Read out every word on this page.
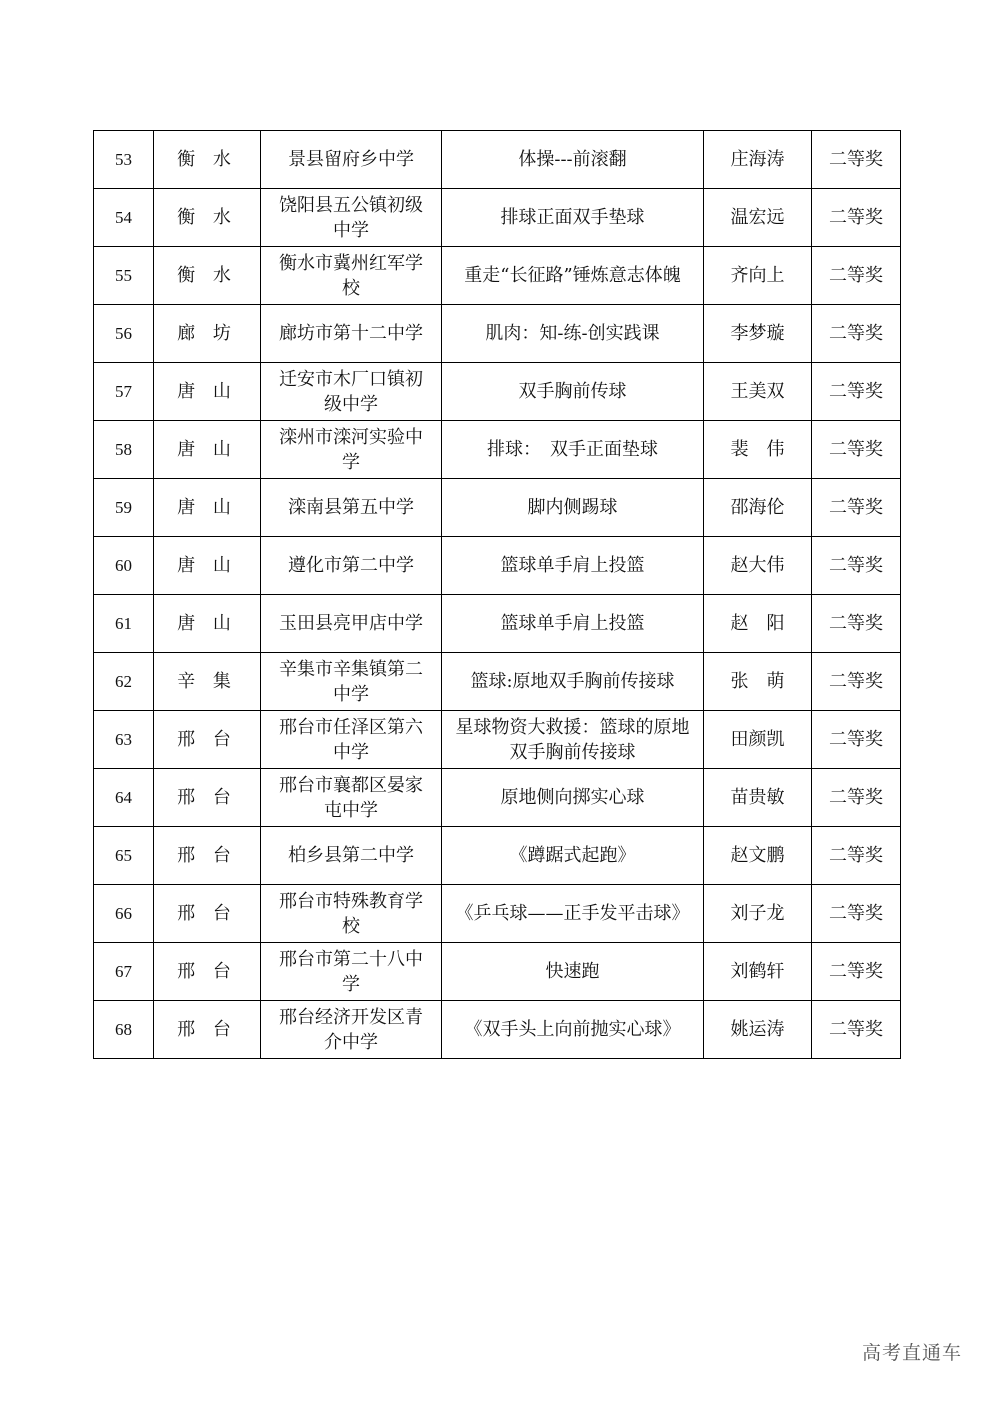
53	衡 水	景县留府乡中学	体操---前滚翻	庄海涛	二等奖
54	衡 水	饶阳县五公镇初级中学	排球正面双手垫球	温宏远	二等奖
55	衡 水	衡水市冀州红军学校	重走“长征路”锤炼意志体魄	齐向上	二等奖
56	廊 坊	廊坊市第十二中学	肌肉：知-练-创实践课	李梦璇	二等奖
57	唐 山	迁安市木厂口镇初级中学	双手胸前传球	王美双	二等奖
58	唐 山	滦州市滦河实验中学	排球：　双手正面垫球	裴　伟	二等奖
59	唐 山	滦南县第五中学	脚内侧踢球	邵海伦	二等奖
60	唐 山	遵化市第二中学	篮球单手肩上投篮	赵大伟	二等奖
61	唐 山	玉田县亮甲店中学	篮球单手肩上投篮	赵　阳	二等奖
62	辛 集	辛集市辛集镇第二中学	篮球:原地双手胸前传接球	张　萌	二等奖
63	邢 台	邢台市任泽区第六中学	星球物资大救援：篮球的原地双手胸前传接球	田颜凯	二等奖
64	邢 台	邢台市襄都区晏家屯中学	原地侧向掷实心球	苗贵敏	二等奖
65	邢 台	柏乡县第二中学	《蹲踞式起跑》	赵文鹏	二等奖
66	邢 台	邢台市特殊教育学校	《乒乓球——正手发平击球》	刘子龙	二等奖
67	邢 台	邢台市第二十八中学	快速跑	刘鹤轩	二等奖
68	邢 台	邢台经济开发区青介中学	《双手头上向前抛实心球》	姚运涛	二等奖
高考直通车
